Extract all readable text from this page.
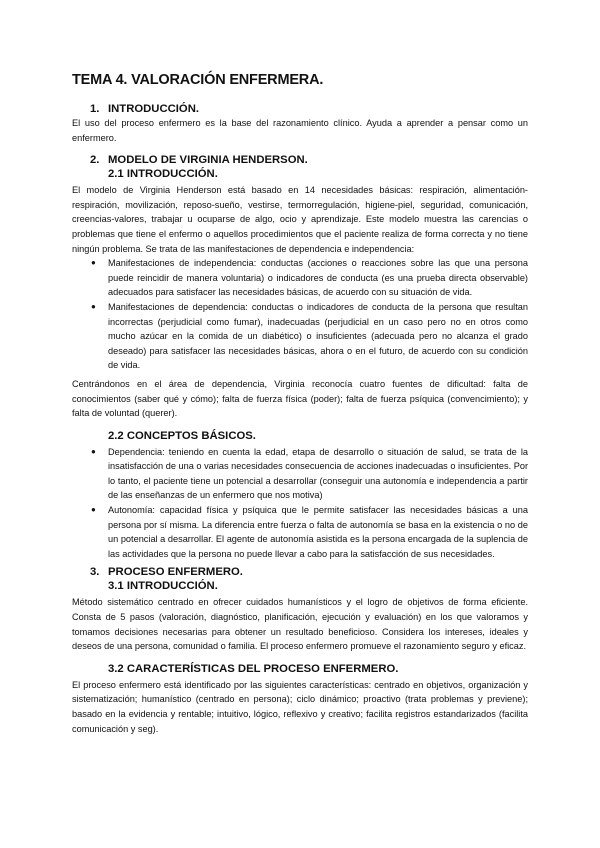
TEMA 4. VALORACIÓN ENFERMERA.
1. INTRODUCCIÓN.

El uso del proceso enfermero es la base del razonamiento clínico. Ayuda a aprender a pensar como un enfermero.

2. MODELO DE VIRGINIA HENDERSON.
2.1 INTRODUCCIÓN.

El modelo de Virginia Henderson está basado en 14 necesidades básicas: respiración, alimentación-respiración, movilización, reposo-sueño, vestirse, termorregulación, higiene-piel, seguridad, comunicación, creencias-valores, trabajar u ocuparse de algo, ocio y aprendizaje. Este modelo muestra las carencias o problemas que tiene el enfermo o aquellos procedimientos que el paciente realiza de forma correcta y no tiene ningún problema. Se trata de las manifestaciones de dependencia e independencia:

● Manifestaciones de independencia: conductas (acciones o reacciones sobre las que una persona puede reincidir de manera voluntaria) o indicadores de conducta (es una prueba directa observable) adecuados para satisfacer las necesidades básicas, de acuerdo con su situación de vida.
● Manifestaciones de dependencia: conductas o indicadores de conducta de la persona que resultan incorrectas (perjudicial como fumar), inadecuadas (perjudicial en un caso pero no en otros como mucho azúcar en la comida de un diabético) o insuficientes (adecuada pero no alcanza el grado deseado) para satisfacer las necesidades básicas, ahora o en el futuro, de acuerdo con su condición de vida.

Centrándonos en el área de dependencia, Virginia reconocía cuatro fuentes de dificultad: falta de conocimientos (saber qué y cómo); falta de fuerza física (poder); falta de fuerza psíquica (convencimiento); y falta de voluntad (querer).

2.2 CONCEPTOS BÁSICOS.
● Dependencia: teniendo en cuenta la edad, etapa de desarrollo o situación de salud, se trata de la insatisfacción de una o varias necesidades consecuencia de acciones inadecuadas o insuficientes. Por lo tanto, el paciente tiene un potencial a desarrollar (conseguir una autonomía e independencia a partir de las enseñanzas de un enfermero que nos motiva)
● Autonomía: capacidad física y psíquica que le permite satisfacer las necesidades básicas a una persona por sí misma. La diferencia entre fuerza o falta de autonomía se basa en la existencia o no de un potencial a desarrollar. El agente de autonomía asistida es la persona encargada de la suplencia de las actividades que la persona no puede llevar a cabo para la satisfacción de sus necesidades.
3. PROCESO ENFERMERO.
3.1 INTRODUCCIÓN.

Método sistemático centrado en ofrecer cuidados humanísticos y el logro de objetivos de forma eficiente. Consta de 5 pasos (valoración, diagnóstico, planificación, ejecución y evaluación) en los que valoramos y tomamos decisiones necesarias para obtener un resultado beneficioso. Considera los intereses, ideales y deseos de una persona, comunidad o familia. El proceso enfermero promueve el razonamiento seguro y eficaz.

3.2 CARACTERÍSTICAS DEL PROCESO ENFERMERO.

El proceso enfermero está identificado por las siguientes características: centrado en objetivos, organización y sistematización; humanístico (centrado en persona); ciclo dinámico; proactivo (trata problemas y previene); basado en la evidencia y rentable; intuitivo, lógico, reflexivo y creativo; facilita registros estandarizados (facilita comunicación y seg).
